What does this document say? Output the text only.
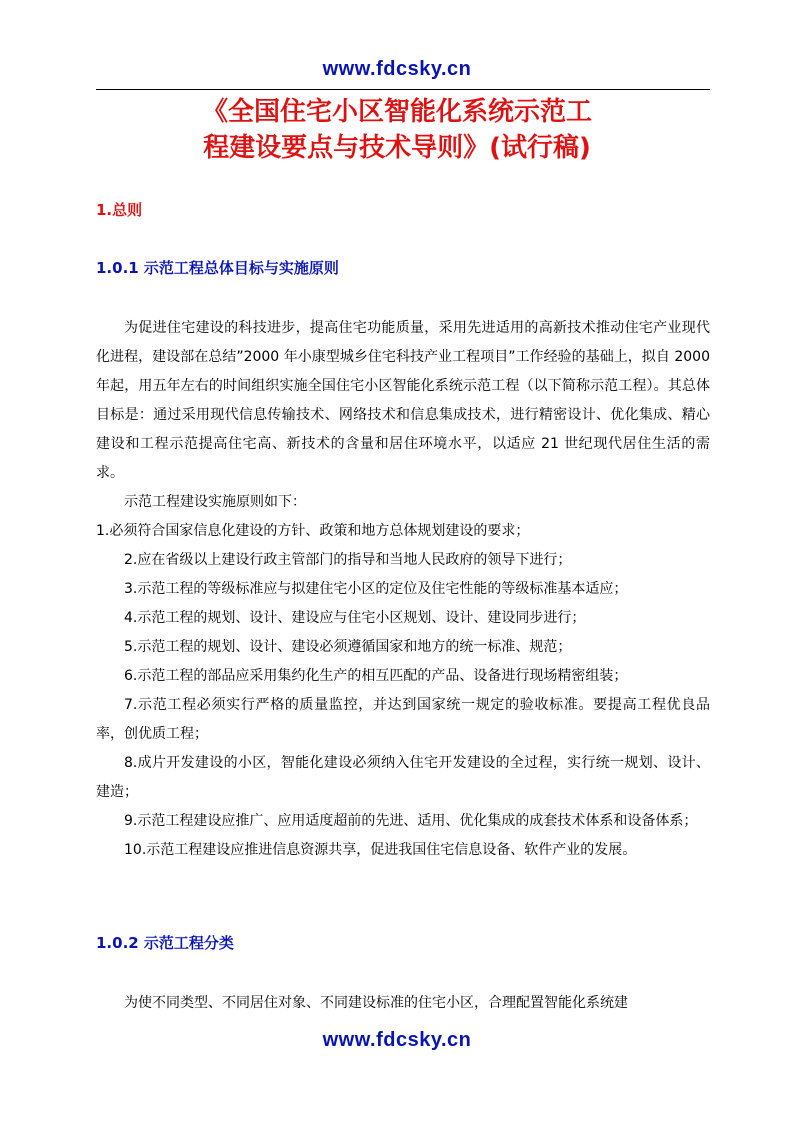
www.fdcsky.cn
《全国住宅小区智能化系统示范工
程建设要点与技术导则》(试行稿)
1.总则
1.0.1 示范工程总体目标与实施原则

为促进住宅建设的科技进步，提高住宅功能质量，采用先进适用的高新技术推动住宅产业现代化进程，建设部在总结”2000 年小康型城乡住宅科技产业工程项目”工作经验的基础上，拟自 2000 年起，用五年左右的时间组织实施全国住宅小区智能化系统示范工程（以下简称示范工程）。其总体目标是：通过采用现代信息传输技术、网络技术和信息集成技术，进行精密设计、优化集成、精心建设和工程示范提高住宅高、新技术的含量和居住环境水平，以适应 21 世纪现代居住生活的需求。

示范工程建设实施原则如下：

1.必须符合国家信息化建设的方针、政策和地方总体规划建设的要求；

2.应在省级以上建设行政主管部门的指导和当地人民政府的领导下进行；

3.示范工程的等级标准应与拟建住宅小区的定位及住宅性能的等级标准基本适应；

4.示范工程的规划、设计、建设应与住宅小区规划、设计、建设同步进行；

5.示范工程的规划、设计、建设必须遵循国家和地方的统一标准、规范；

6.示范工程的部品应采用集约化生产的相互匹配的产品、设备进行现场精密组装；

7.示范工程必须实行严格的质量监控，并达到国家统一规定的验收标准。要提高工程优良品率，创优质工程；

8.成片开发建设的小区，智能化建设必须纳入住宅开发建设的全过程，实行统一规划、设计、建造；

9.示范工程建设应推广、应用适度超前的先进、适用、优化集成的成套技术体系和设备体系；

10.示范工程建设应推进信息资源共享，促进我国住宅信息设备、软件产业的发展。

1.0.2 示范工程分类

为使不同类型、不同居住对象、不同建设标准的住宅小区，合理配置智能化系统建

www.fdcsky.cn
